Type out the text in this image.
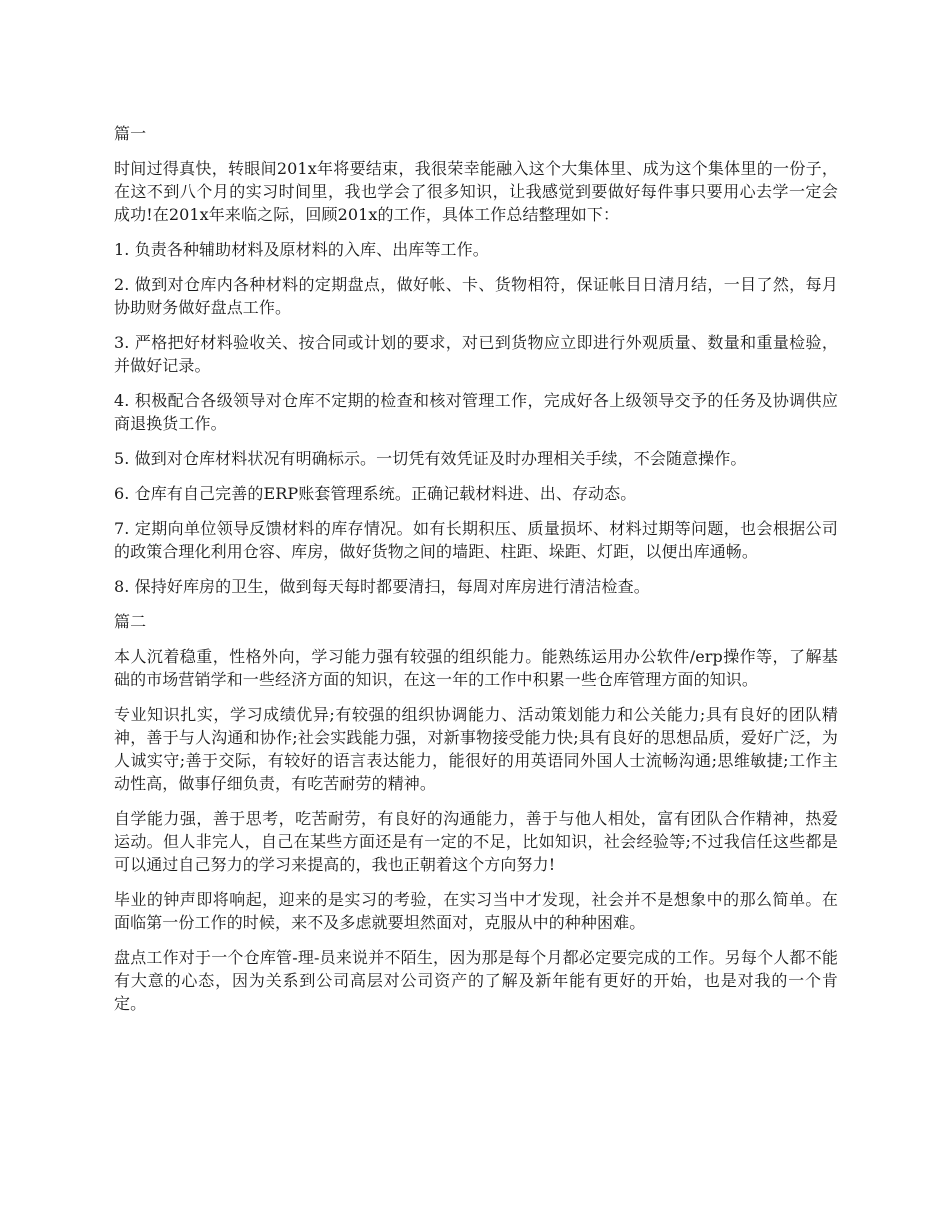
篇一

时间过得真快，转眼间201x年将要结束，我很荣幸能融入这个大集体里、成为这个集体里的一份子，在这不到八个月的实习时间里，我也学会了很多知识，让我感觉到要做好每件事只要用心去学一定会成功!在201x年来临之际，回顾201x的工作，具体工作总结整理如下：

1. 负责各种辅助材料及原材料的入库、出库等工作。

2. 做到对仓库内各种材料的定期盘点，做好帐、卡、货物相符，保证帐目日清月结，一目了然，每月协助财务做好盘点工作。

3. 严格把好材料验收关、按合同或计划的要求，对已到货物应立即进行外观质量、数量和重量检验，并做好记录。

4. 积极配合各级领导对仓库不定期的检查和核对管理工作，完成好各上级领导交予的任务及协调供应商退换货工作。

5. 做到对仓库材料状况有明确标示。一切凭有效凭证及时办理相关手续，不会随意操作。

6. 仓库有自己完善的ERP账套管理系统。正确记载材料进、出、存动态。

7. 定期向单位领导反馈材料的库存情况。如有长期积压、质量损坏、材料过期等问题，也会根据公司的政策合理化利用仓容、库房，做好货物之间的墙距、柱距、垛距、灯距，以便出库通畅。

8. 保持好库房的卫生，做到每天每时都要清扫，每周对库房进行清洁检查。

篇二

本人沉着稳重，性格外向，学习能力强有较强的组织能力。能熟练运用办公软件/erp操作等，了解基础的市场营销学和一些经济方面的知识，在这一年的工作中积累一些仓库管理方面的知识。

专业知识扎实，学习成绩优异;有较强的组织协调能力、活动策划能力和公关能力;具有良好的团队精神，善于与人沟通和协作;社会实践能力强，对新事物接受能力快;具有良好的思想品质，爱好广泛，为人诚实守;善于交际，有较好的语言表达能力，能很好的用英语同外国人士流畅沟通;思维敏捷;工作主动性高，做事仔细负责，有吃苦耐劳的精神。

自学能力强，善于思考，吃苦耐劳，有良好的沟通能力，善于与他人相处，富有团队合作精神，热爱运动。但人非完人，自己在某些方面还是有一定的不足，比如知识，社会经验等;不过我信任这些都是可以通过自己努力的学习来提高的，我也正朝着这个方向努力!

毕业的钟声即将响起，迎来的是实习的考验，在实习当中才发现，社会并不是想象中的那么简单。在面临第一份工作的时候，来不及多虑就要坦然面对，克服从中的种种困难。

盘点工作对于一个仓库管-理-员来说并不陌生，因为那是每个月都必定要完成的工作。另每个人都不能有大意的心态，因为关系到公司高层对公司资产的了解及新年能有更好的开始，也是对我的一个肯定。
